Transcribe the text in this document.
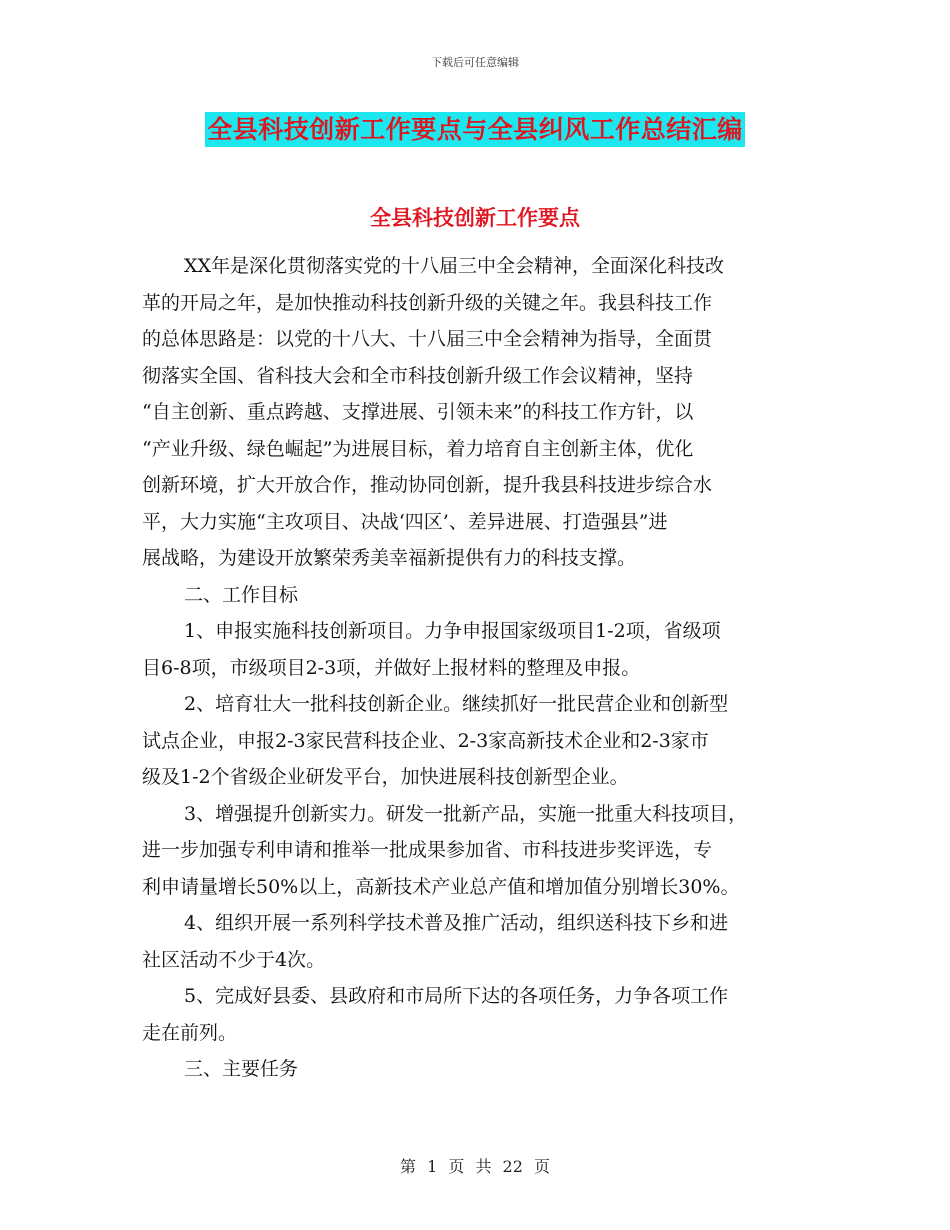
下载后可任意编辑
全县科技创新工作要点与全县纠风工作总结汇编
全县科技创新工作要点

XX年是深化贯彻落实党的十八届三中全会精神，全面深化科技改
革的开局之年，是加快推动科技创新升级的关键之年。我县科技工作
的总体思路是：以党的十八大、十八届三中全会精神为指导，全面贯
彻落实全国、省科技大会和全市科技创新升级工作会议精神，坚持
“自主创新、重点跨越、支撑进展、引领未来”的科技工作方针，以
“产业升级、绿色崛起”为进展目标，着力培育自主创新主体，优化
创新环境，扩大开放合作，推动协同创新，提升我县科技进步综合水
平，大力实施“主攻项目、决战‘四区’、差异进展、打造强县”进
展战略，为建设开放繁荣秀美幸福新提供有力的科技支撑。

二、工作目标

1、申报实施科技创新项目。力争申报国家级项目1-2项，省级项
目6-8项，市级项目2-3项，并做好上报材料的整理及申报。

2、培育壮大一批科技创新企业。继续抓好一批民营企业和创新型
试点企业，申报2-3家民营科技企业、2-3家高新技术企业和2-3家市
级及1-2个省级企业研发平台，加快进展科技创新型企业。

3、增强提升创新实力。研发一批新产品，实施一批重大科技项目，
进一步加强专利申请和推举一批成果参加省、市科技进步奖评选，专
利申请量增长50%以上，高新技术产业总产值和增加值分别增长30%。

4、组织开展一系列科学技术普及推广活动，组织送科技下乡和进
社区活动不少于4次。

5、完成好县委、县政府和市局所下达的各项任务，力争各项工作
走在前列。

三、主要任务

第 1 页 共 22 页
